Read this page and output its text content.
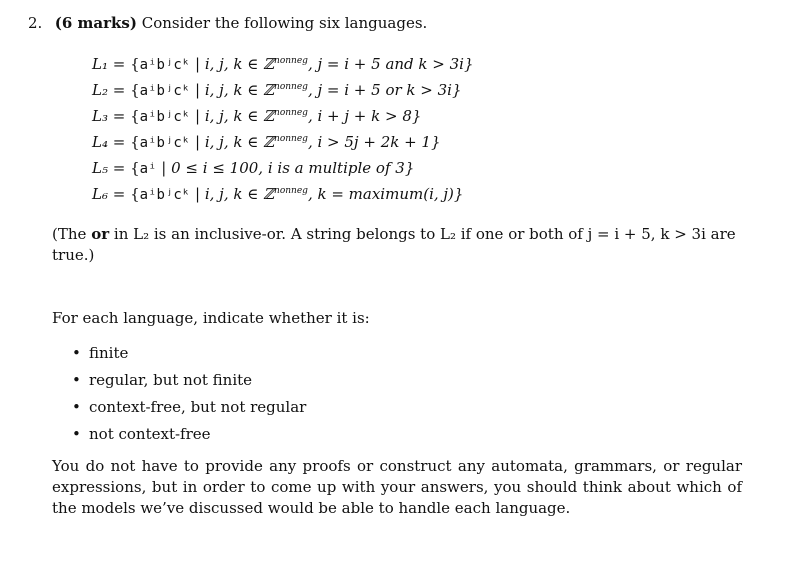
2. (6 marks) Consider the following six languages.
L₁ = {aⁱbʲcᵏ | i, j, k ∈ ℤ$^{nonneg}$, j = i + 5 and k > 3i}
L₂ = {aⁱbʲcᵏ | i, j, k ∈ ℤ$^{nonneg}$, j = i + 5 or k > 3i}
L₃ = {aⁱbʲcᵏ | i, j, k ∈ ℤ$^{nonneg}$, i + j + k > 8}
L₄ = {aⁱbʲcᵏ | i, j, k ∈ ℤ$^{nonneg}$, i > 5j + 2k + 1}
L₅ = {aⁱ | 0 ≤ i ≤ 100, i is a multiple of 3}
L₆ = {aⁱbʲcᵏ | i, j, k ∈ ℤ$^{nonneg}$, k = maximum(i, j)}
(The or in L₂ is an inclusive-or. A string belongs to L₂ if one or both of j = i + 5, k > 3i are true.)
For each language, indicate whether it is:
• finite
• regular, but not finite
• context-free, but not regular
• not context-free
You do not have to provide any proofs or construct any automata, grammars, or regular expressions, but in order to come up with your answers, you should think about which of the models we’ve discussed would be able to handle each language.
